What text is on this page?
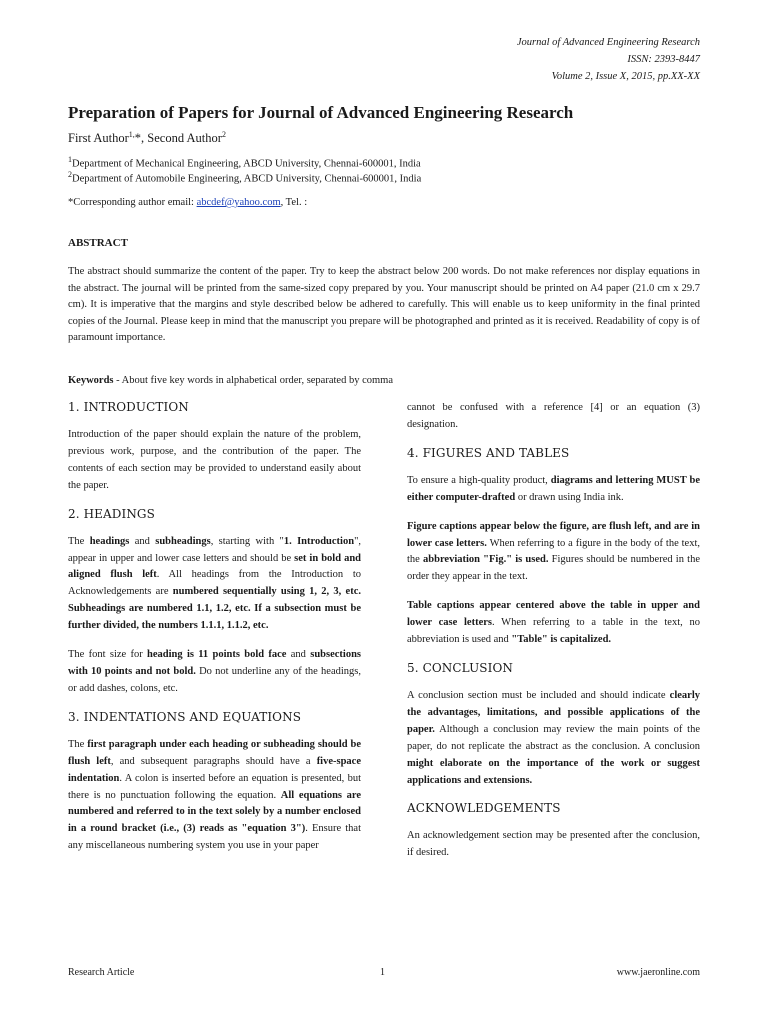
Journal of Advanced Engineering Research
ISSN: 2393-8447
Volume 2, Issue X, 2015, pp.XX-XX
Preparation of Papers for Journal of Advanced Engineering Research
First Author$^{1,}$*, Second Author$^2$
$^1$Department of Mechanical Engineering, ABCD University, Chennai-600001, India
$^2$Department of Automobile Engineering, ABCD University, Chennai-600001, India
*Corresponding author email: abcdef@yahoo.com, Tel. :
ABSTRACT

The abstract should summarize the content of the paper. Try to keep the abstract below 200 words. Do not make references nor display equations in the abstract. The journal will be printed from the same-sized copy prepared by you. Your manuscript should be printed on A4 paper (21.0 cm x 29.7 cm). It is imperative that the margins and style described below be adhered to carefully. This will enable us to keep uniformity in the final printed copies of the Journal. Please keep in mind that the manuscript you prepare will be photographed and printed as it is received. Readability of copy is of paramount importance.

Keywords - About five key words in alphabetical order, separated by comma

1. INTRODUCTION

Introduction of the paper should explain the nature of the problem, previous work, purpose, and the contribution of the paper. The contents of each section may be provided to understand easily about the paper.

2. HEADINGS

The headings and subheadings, starting with "1. Introduction", appear in upper and lower case letters and should be set in bold and aligned flush left. All headings from the Introduction to Acknowledgements are numbered sequentially using 1, 2, 3, etc. Subheadings are numbered 1.1, 1.2, etc. If a subsection must be further divided, the numbers 1.1.1, 1.1.2, etc.

The font size for heading is 11 points bold face and subsections with 10 points and not bold. Do not underline any of the headings, or add dashes, colons, etc.

3. INDENTATIONS AND EQUATIONS

The first paragraph under each heading or subheading should be flush left, and subsequent paragraphs should have a five-space indentation. A colon is inserted before an equation is presented, but there is no punctuation following the equation. All equations are numbered and referred to in the text solely by a number enclosed in a round bracket (i.e., (3) reads as "equation 3"). Ensure that any miscellaneous numbering system you use in your paper

cannot be confused with a reference [4] or an equation (3) designation.

4. FIGURES AND TABLES

To ensure a high-quality product, diagrams and lettering MUST be either computer-drafted or drawn using India ink.

Figure captions appear below the figure, are flush left, and are in lower case letters. When referring to a figure in the body of the text, the abbreviation "Fig." is used. Figures should be numbered in the order they appear in the text.

Table captions appear centered above the table in upper and lower case letters. When referring to a table in the text, no abbreviation is used and "Table" is capitalized.

5. CONCLUSION

A conclusion section must be included and should indicate clearly the advantages, limitations, and possible applications of the paper. Although a conclusion may review the main points of the paper, do not replicate the abstract as the conclusion. A conclusion might elaborate on the importance of the work or suggest applications and extensions.

ACKNOWLEDGEMENTS

An acknowledgement section may be presented after the conclusion, if desired.

Research Article	1	www.jaeronline.com
